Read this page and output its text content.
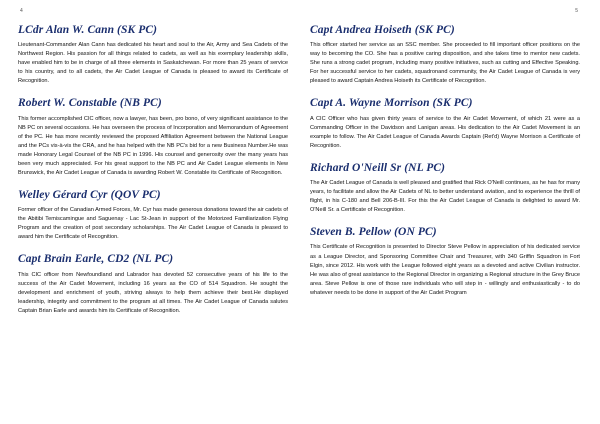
4	5
LCdr Alan W. Cann (SK PC)

Lieutenant-Commander Alan Cann has dedicated his heart and soul to the Air, Army and Sea Cadets of the Northwest Region. His passion for all things related to cadets, as well as his exemplary leadership skills, have enabled him to be in charge of all three elements in Saskatchewan. For more than 25 years of service to his country, and to all cadets, the Air Cadet League of Canada is pleased to award its Certificate of Recognition.

Robert W. Constable (NB PC)

This former accomplished CIC officer, now a lawyer, has been, pro bono, of very significant assistance to the NB PC on several occasions. He has overseen the process of Incorporation and Memorandum of Agreement of the PC. He has more recently reviewed the proposed Affiliation Agreement between the National League and the PCs vis-à-vis the CRA, and he has helped with the NB PC's bid for a new Business Number.He was made Honorary Legal Counsel of the NB PC in 1996. His counsel and generosity over the many years has been very much appreciated. For his great support to the NB PC and Air Cadet League elements in New Brunswick, the Air Cadet League of Canada is awarding Robert W. Constable its Certificate of Recognition.

Welley Gérard Cyr (QOV PC)

Former officer of the Canadian Armed Forces, Mr. Cyr has made generous donations toward the air cadets of the Abitibi Temiscamingue and Saguenay - Lac St-Jean in support of the Motorized Familiarization Flying Program and the creation of post secondary scholarships. The Air Cadet League of Canada is pleased to award him the Certificate of Recognition.

Capt Brain Earle, CD2 (NL PC)

This CIC officer from Newfoundland and Labrador has devoted 52 consecutive years of his life to the success of the Air Cadet Movement, including 16 years as the CO of 514 Squadron. He sought the development and enrichment of youth, striving always to help them achieve their best.He displayed leadership, integrity and commitment to the program at all times. The Air Cadet League of Canada salutes Captain Brian Earle and awards him its Certificate of Recognition.

Capt Andrea Hoiseth (SK PC)

This officer started her service as an SSC member. She proceeded to fill important officer positions on the way to becoming the CO. She has a positive caring disposition, and she takes time to mentor new cadets. She runs a strong cadet program, including many positive initiatives, such as cutting and Effective Speaking. For her successful service to her cadets, squadronand community, the Air Cadet League of Canada is very pleased to award Captain Andrea Hoiseth its Certificate of Recognition.

Capt A. Wayne Morrison (SK PC)

A CIC Officer who has given thirty years of service to the Air Cadet Movement, of which 21 were as a Commanding Officer in the Davidson and Lanigan areas. His dedication to the Air Cadet Movement is an example to follow. The Air Cadet League of Canada Awards Captain (Ret'd) Wayne Morrison a Certificate of Recognition.

Richard O'Neill Sr (NL PC)

The Air Cadet League of Canada is well pleased and gratified that Rick O'Neill continues, as he has for many years, to facilitate and allow the Air Cadets of NL to better understand aviation, and to experience the thrill of flight, in his C-180 and Bell 206-B-III. For this the Air Cadet League of Canada is delighted to award Mr. O'Neill Sr. a Certificate of Recognition.

Steven B. Pellow (ON PC)

This Certificate of Recognition is presented to Director Steve Pellow in appreciation of his dedicated service as a League Director, and Sponsoring Committee Chair and Treasurer, with 340 Griffin Squadron in Fort Elgin, since 2012. His work with the League followed eight years as a devoted and active Civilian instructor. He was also of great assistance to the Regional Director in organizing a Regional structure in the Grey Bruce area. Steve Pellow is one of those rare individuals who will step in - willingly and enthusiastically - to do whatever needs to be done in support of the Air Cadet Program
